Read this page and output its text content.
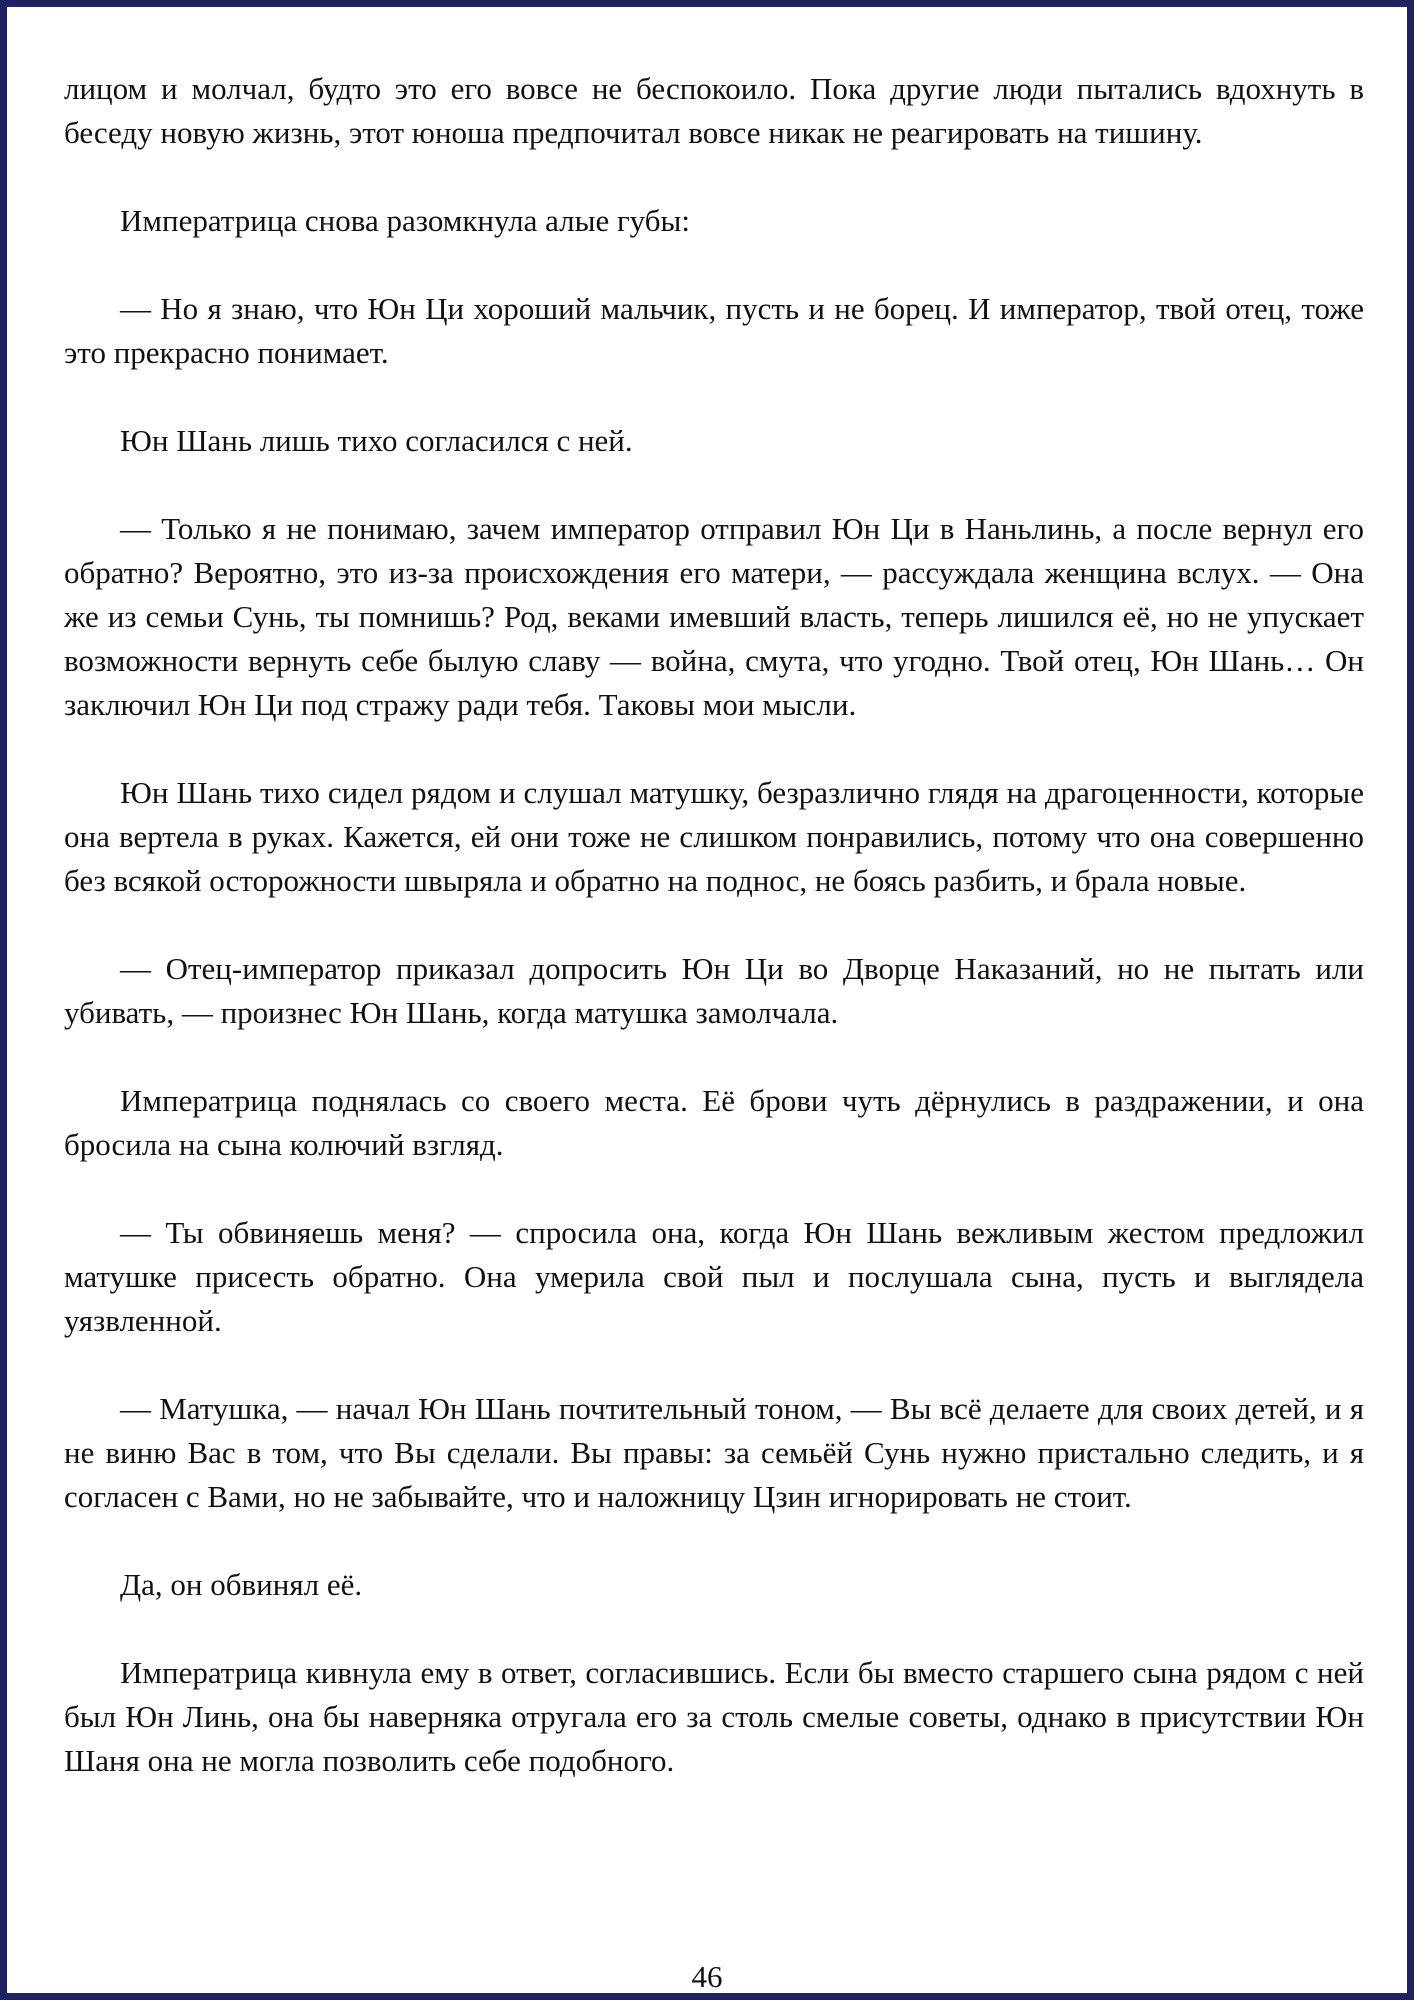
лицом и молчал, будто это его вовсе не беспокоило. Пока другие люди пытались вдохнуть в беседу новую жизнь, этот юноша предпочитал вовсе никак не реагировать на тишину.

Императрица снова разомкнула алые губы:

— Но я знаю, что Юн Ци хороший мальчик, пусть и не борец. И император, твой отец, тоже это прекрасно понимает.

Юн Шань лишь тихо согласился с ней.

— Только я не понимаю, зачем император отправил Юн Ци в Наньлинь, а после вернул его обратно? Вероятно, это из-за происхождения его матери, — рассуждала женщина вслух. — Она же из семьи Сунь, ты помнишь? Род, веками имевший власть, теперь лишился её, но не упускает возможности вернуть себе былую славу — война, смута, что угодно. Твой отец, Юн Шань… Он заключил Юн Ци под стражу ради тебя. Таковы мои мысли.

Юн Шань тихо сидел рядом и слушал матушку, безразлично глядя на драгоценности, которые она вертела в руках. Кажется, ей они тоже не слишком понравились, потому что она совершенно без всякой осторожности швыряла и обратно на поднос, не боясь разбить, и брала новые.

— Отец-император приказал допросить Юн Ци во Дворце Наказаний, но не пытать или убивать, — произнес Юн Шань, когда матушка замолчала.

Императрица поднялась со своего места. Её брови чуть дёрнулись в раздражении, и она бросила на сына колючий взгляд.

— Ты обвиняешь меня? — спросила она, когда Юн Шань вежливым жестом предложил матушке присесть обратно. Она умерила свой пыл и послушала сына, пусть и выглядела уязвленной.

— Матушка, — начал Юн Шань почтительный тоном, — Вы всё делаете для своих детей, и я не виню Вас в том, что Вы сделали. Вы правы: за семьёй Сунь нужно пристально следить, и я согласен с Вами, но не забывайте, что и наложницу Цзин игнорировать не стоит.

Да, он обвинял её.

Императрица кивнула ему в ответ, согласившись. Если бы вместо старшего сына рядом с ней был Юн Линь, она бы наверняка отругала его за столь смелые советы, однако в присутствии Юн Шаня она не могла позволить себе подобного.

46
